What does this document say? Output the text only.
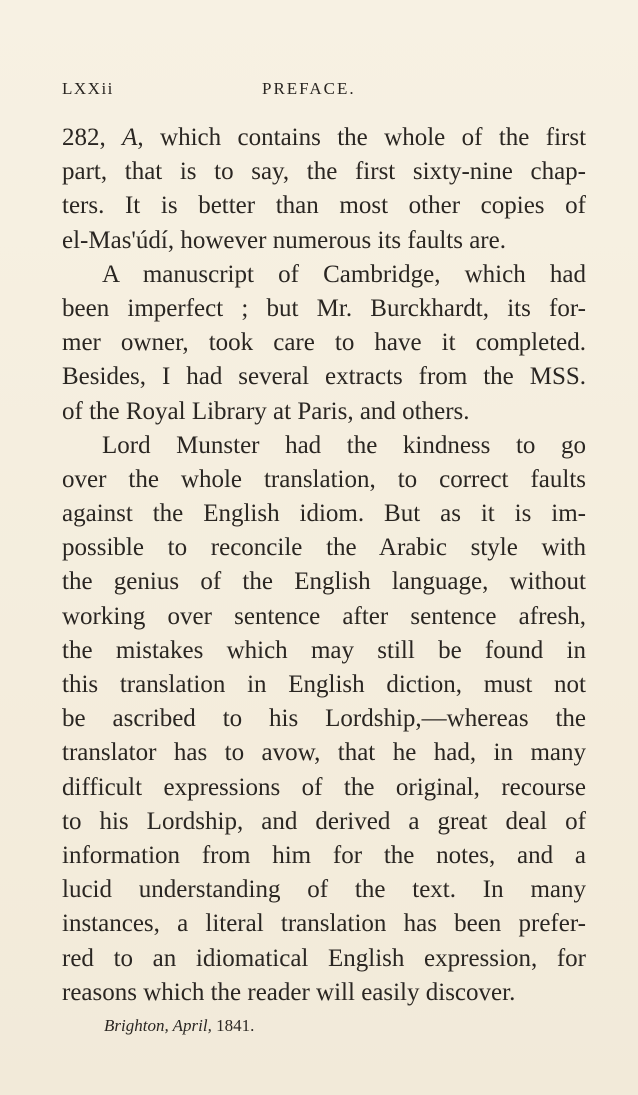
LXXii	PREFACE.
282, A, which contains the whole of the first
part, that is to say, the first sixty-nine chap-
ters. It is better than most other copies of
el-Mas'údí, however numerous its faults are.
A manuscript of Cambridge, which had
been imperfect ; but Mr. Burckhardt, its for-
mer owner, took care to have it completed.
Besides, I had several extracts from the MSS.
of the Royal Library at Paris, and others.
Lord Munster had the kindness to go
over the whole translation, to correct faults
against the English idiom. But as it is im-
possible to reconcile the Arabic style with
the genius of the English language, without
working over sentence after sentence afresh,
the mistakes which may still be found in
this translation in English diction, must not
be ascribed to his Lordship,—whereas the
translator has to avow, that he had, in many
difficult expressions of the original, recourse
to his Lordship, and derived a great deal of
information from him for the notes, and a
lucid understanding of the text. In many
instances, a literal translation has been prefer-
red to an idiomatical English expression, for
reasons which the reader will easily discover.
Brighton, April, 1841.
